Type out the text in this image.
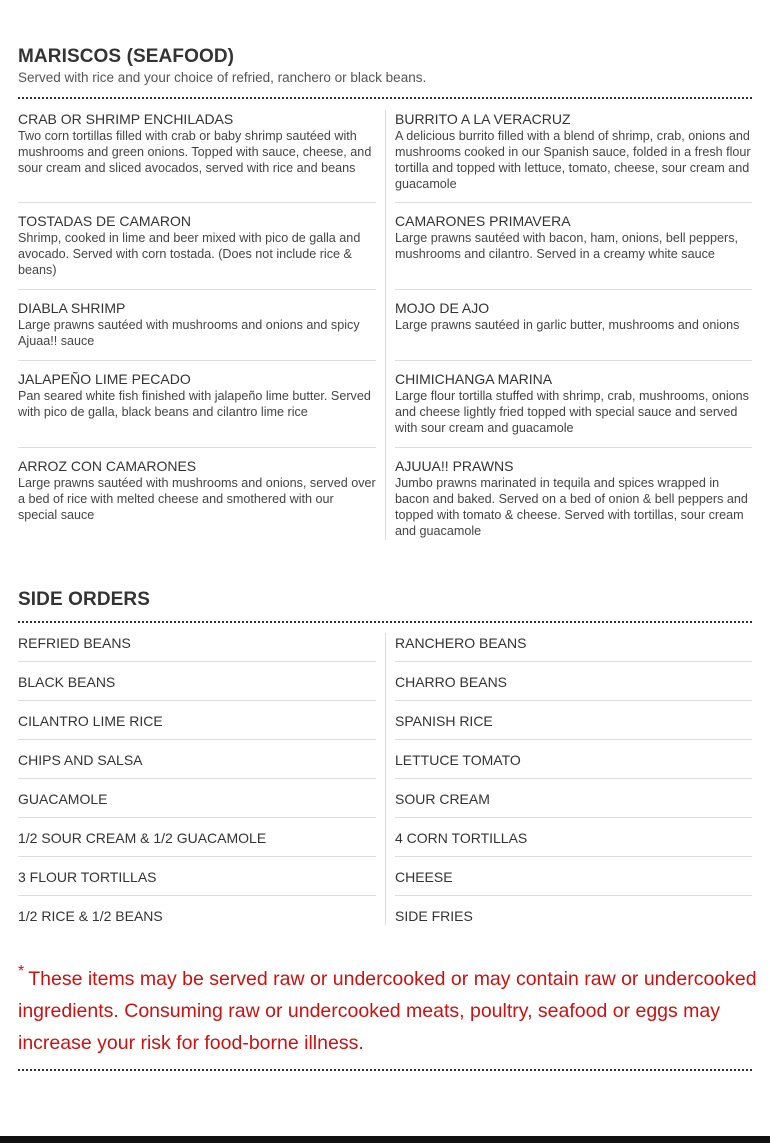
MARISCOS (SEAFOOD)
Served with rice and your choice of refried, ranchero or black beans.
CRAB OR SHRIMP ENCHILADAS
Two corn tortillas filled with crab or baby shrimp sautéed with mushrooms and green onions. Topped with sauce, cheese, and sour cream and sliced avocados, served with rice and beans
TOSTADAS DE CAMARON
Shrimp, cooked in lime and beer mixed with pico de galla and avocado. Served with corn tostada. (Does not include rice & beans)
DIABLA SHRIMP
Large prawns sautéed with mushrooms and onions and spicy Ajuaa!! sauce
JALAPEÑO LIME PECADO
Pan seared white fish finished with jalapeño lime butter. Served with pico de galla, black beans and cilantro lime rice
ARROZ CON CAMARONES
Large prawns sautéed with mushrooms and onions, served over a bed of rice with melted cheese and smothered with our special sauce
BURRITO A LA VERACRUZ
A delicious burrito filled with a blend of shrimp, crab, onions and mushrooms cooked in our Spanish sauce, folded in a fresh flour tortilla and topped with lettuce, tomato, cheese, sour cream and guacamole
CAMARONES PRIMAVERA
Large prawns sautéed with bacon, ham, onions, bell peppers, mushrooms and cilantro. Served in a creamy white sauce
MOJO DE AJO
Large prawns sautéed in garlic butter, mushrooms and onions
CHIMICHANGA MARINA
Large flour tortilla stuffed with shrimp, crab, mushrooms, onions and cheese lightly fried topped with special sauce and served with sour cream and guacamole
AJUUA!! PRAWNS
Jumbo prawns marinated in tequila and spices wrapped in bacon and baked. Served on a bed of onion & bell peppers and topped with tomato & cheese. Served with tortillas, sour cream and guacamole
SIDE ORDERS
REFRIED BEANS
BLACK BEANS
CILANTRO LIME RICE
CHIPS AND SALSA
GUACAMOLE
1/2 SOUR CREAM & 1/2 GUACAMOLE
3 FLOUR TORTILLAS
1/2 RICE & 1/2 BEANS
RANCHERO BEANS
CHARRO BEANS
SPANISH RICE
LETTUCE TOMATO
SOUR CREAM
4 CORN TORTILLAS
CHEESE
SIDE FRIES
* These items may be served raw or undercooked or may contain raw or undercooked ingredients. Consuming raw or undercooked meats, poultry, seafood or eggs may increase your risk for food-borne illness.
